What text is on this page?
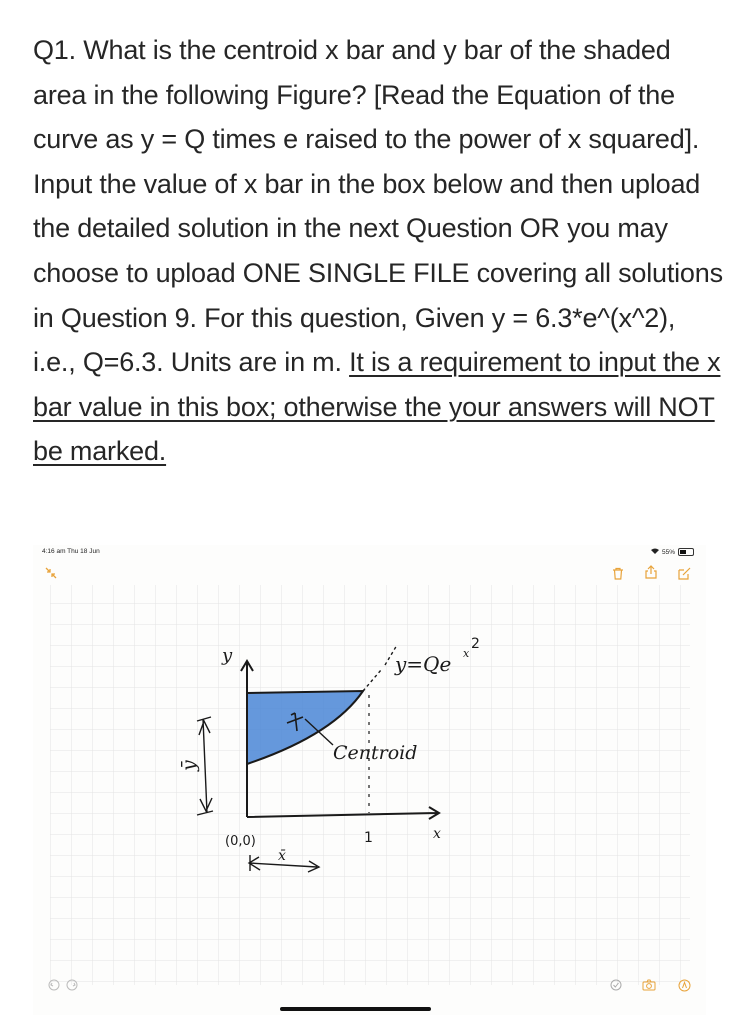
Q1. What is the centroid x bar and y bar of the shaded area in the following Figure? [Read the Equation of the curve as y = Q times e raised to the power of x squared]. Input the value of x bar in the box below and then upload the detailed solution in the next Question OR you may choose to upload ONE SINGLE FILE covering all solutions in Question 9. For this question, Given y = 6.3*e^(x^2), i.e., Q=6.3. Units are in m. It is a requirement to input the x bar value in this box; otherwise the your answers will NOT be marked.
4:16 am Thu 18 Jun	55%
y
x
(0,0)	1
Centroid
y=Qe x
2
ȳ
x̄
